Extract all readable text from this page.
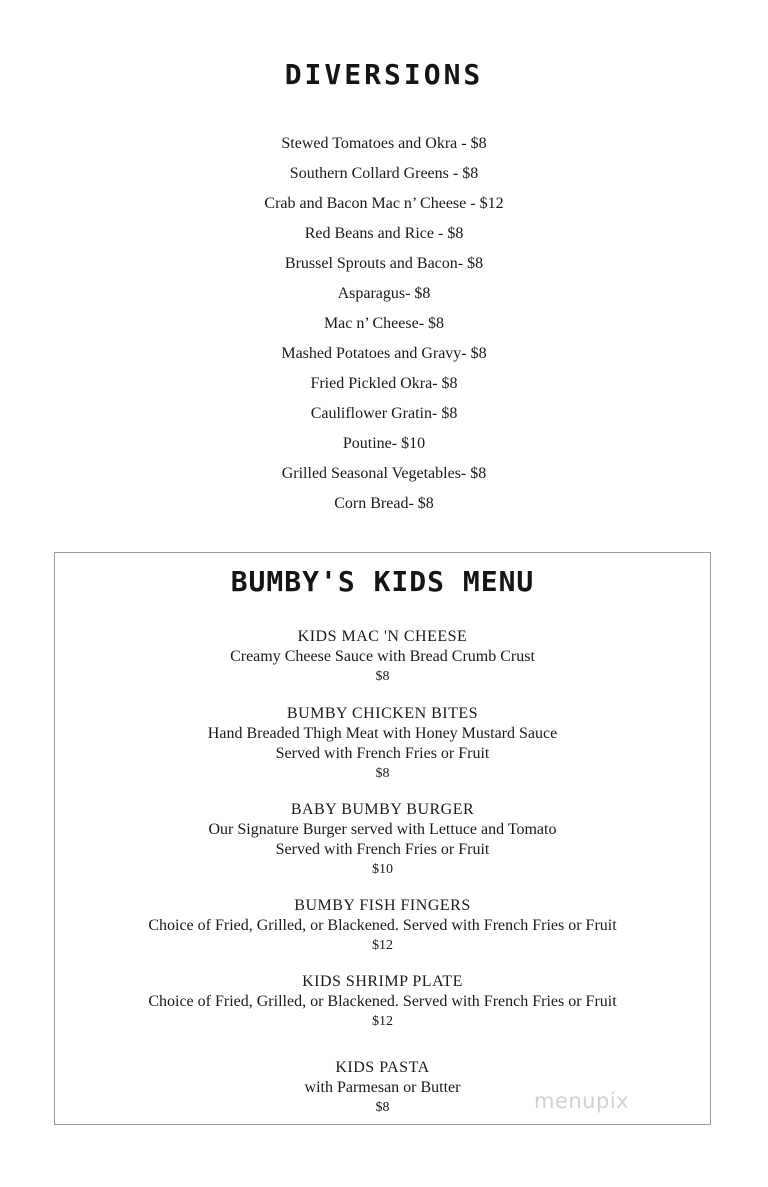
DIVERSIONS
Stewed Tomatoes and Okra - $8
Southern Collard Greens - $8
Crab and Bacon Mac n’ Cheese - $12
Red Beans and Rice - $8
Brussel Sprouts and Bacon- $8
Asparagus- $8
Mac n’ Cheese- $8
Mashed Potatoes and Gravy- $8
Fried Pickled Okra- $8
Cauliflower Gratin- $8
Poutine- $10
Grilled Seasonal Vegetables- $8
Corn Bread- $8
BUMBY'S KIDS MENU
KIDS MAC 'N CHEESE
Creamy Cheese Sauce with Bread Crumb Crust
$8
BUMBY CHICKEN BITES
Hand Breaded Thigh Meat with Honey Mustard Sauce
Served with French Fries or Fruit
$8
BABY BUMBY BURGER
Our Signature Burger served with Lettuce and Tomato
Served with French Fries or Fruit
$10
BUMBY FISH FINGERS
Choice of Fried, Grilled, or Blackened. Served with French Fries or Fruit
$12
KIDS SHRIMP PLATE
Choice of Fried, Grilled, or Blackened. Served with French Fries or Fruit
$12
KIDS PASTA
with Parmesan or Butter
$8	menupix
